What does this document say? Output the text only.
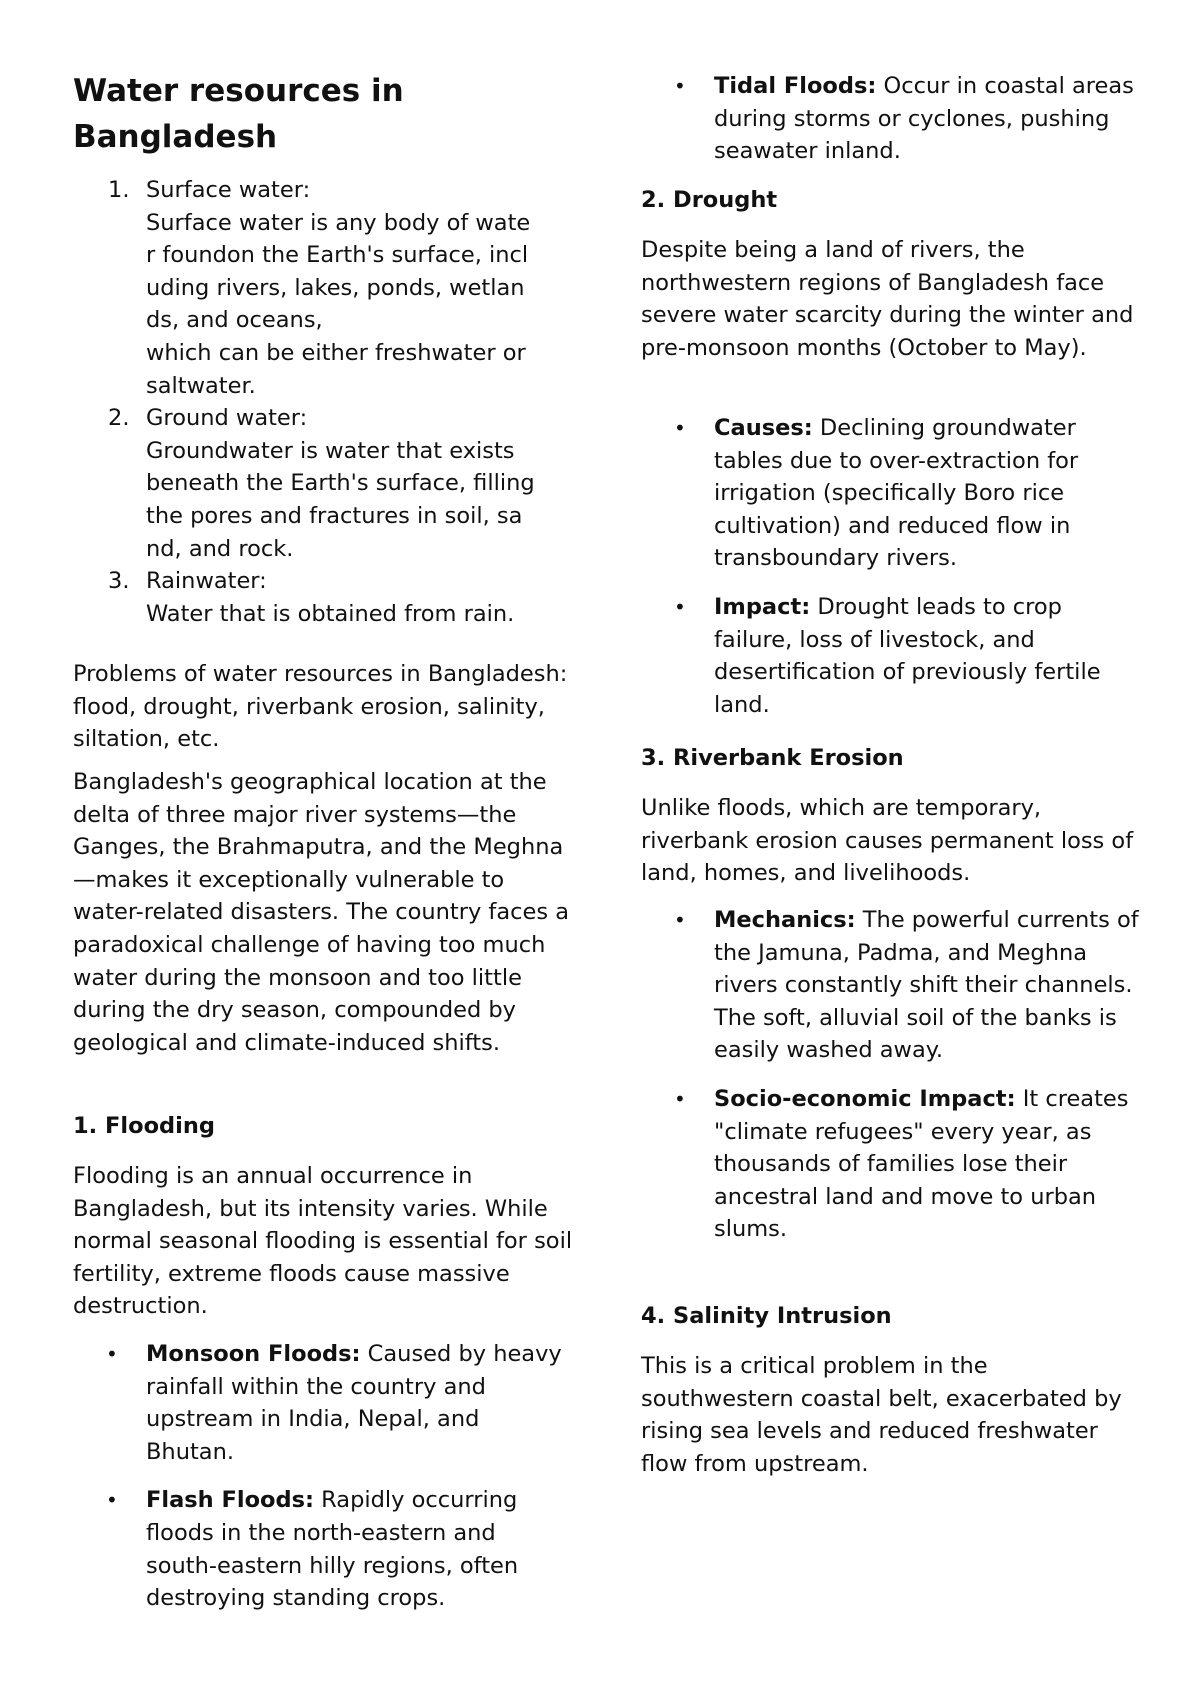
Water resources in Bangladesh
1. Surface water:
Surface water is any body of wate
r foundon the Earth's surface, incl
uding rivers, lakes, ponds, wetlan
ds, and oceans,
which can be either freshwater or
saltwater.
2. Ground water:
Groundwater is water that exists
beneath the Earth's surface, filling
the pores and fractures in soil, sa
nd, and rock.
3. Rainwater:
Water that is obtained from rain.

Problems of water resources in Bangladesh: flood, drought, riverbank erosion, salinity, siltation, etc.

Bangladesh's geographical location at the delta of three major river systems—the Ganges, the Brahmaputra, and the Meghna—makes it exceptionally vulnerable to water-related disasters. The country faces a paradoxical challenge of having too much water during the monsoon and too little during the dry season, compounded by geological and climate-induced shifts.

1. Flooding

Flooding is an annual occurrence in Bangladesh, but its intensity varies. While normal seasonal flooding is essential for soil fertility, extreme floods cause massive destruction.

• Monsoon Floods: Caused by heavy rainfall within the country and upstream in India, Nepal, and Bhutan.
• Flash Floods: Rapidly occurring floods in the north-eastern and south-eastern hilly regions, often destroying standing crops.
• Tidal Floods: Occur in coastal areas during storms or cyclones, pushing seawater inland.
2. Drought

Despite being a land of rivers, the northwestern regions of Bangladesh face severe water scarcity during the winter and pre-monsoon months (October to May).

• Causes: Declining groundwater tables due to over-extraction for irrigation (specifically Boro rice cultivation) and reduced flow in transboundary rivers.
• Impact: Drought leads to crop failure, loss of livestock, and desertification of previously fertile land.
3. Riverbank Erosion

Unlike floods, which are temporary, riverbank erosion causes permanent loss of land, homes, and livelihoods.

• Mechanics: The powerful currents of the Jamuna, Padma, and Meghna rivers constantly shift their channels. The soft, alluvial soil of the banks is easily washed away.
• Socio-economic Impact: It creates "climate refugees" every year, as thousands of families lose their ancestral land and move to urban slums.
4. Salinity Intrusion

This is a critical problem in the southwestern coastal belt, exacerbated by rising sea levels and reduced freshwater flow from upstream.
